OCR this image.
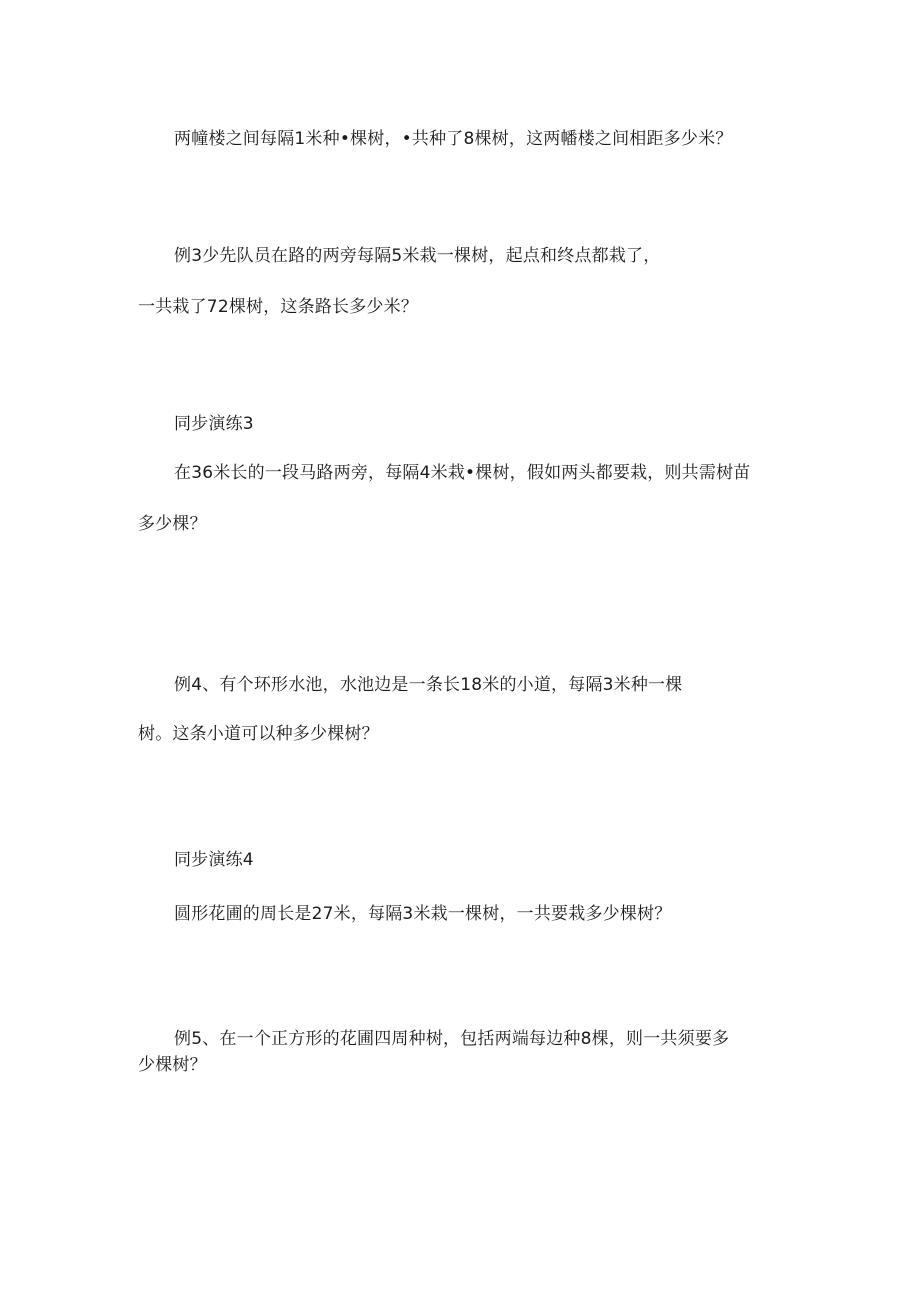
两幢楼之间每隔1米种•棵树，•共种了8棵树，这两幡楼之间相距多少米？

例3少先队员在路的两旁每隔5米栽一棵树，起点和终点都栽了，

一共栽了72棵树，这条路长多少米？

同步演练3

在36米长的一段马路两旁，每隔4米栽•棵树，假如两头都要栽，则共需树苗

多少棵？

例4、有个环形水池，水池边是一条长18米的小道，每隔3米种一棵

树。这条小道可以种多少棵树？

同步演练4

圆形花圃的周长是27米，每隔3米栽一棵树，一共要栽多少棵树？

例5、在一个正方形的花圃四周种树，包括两端每边种8棵，则一共须要多

少棵树？
